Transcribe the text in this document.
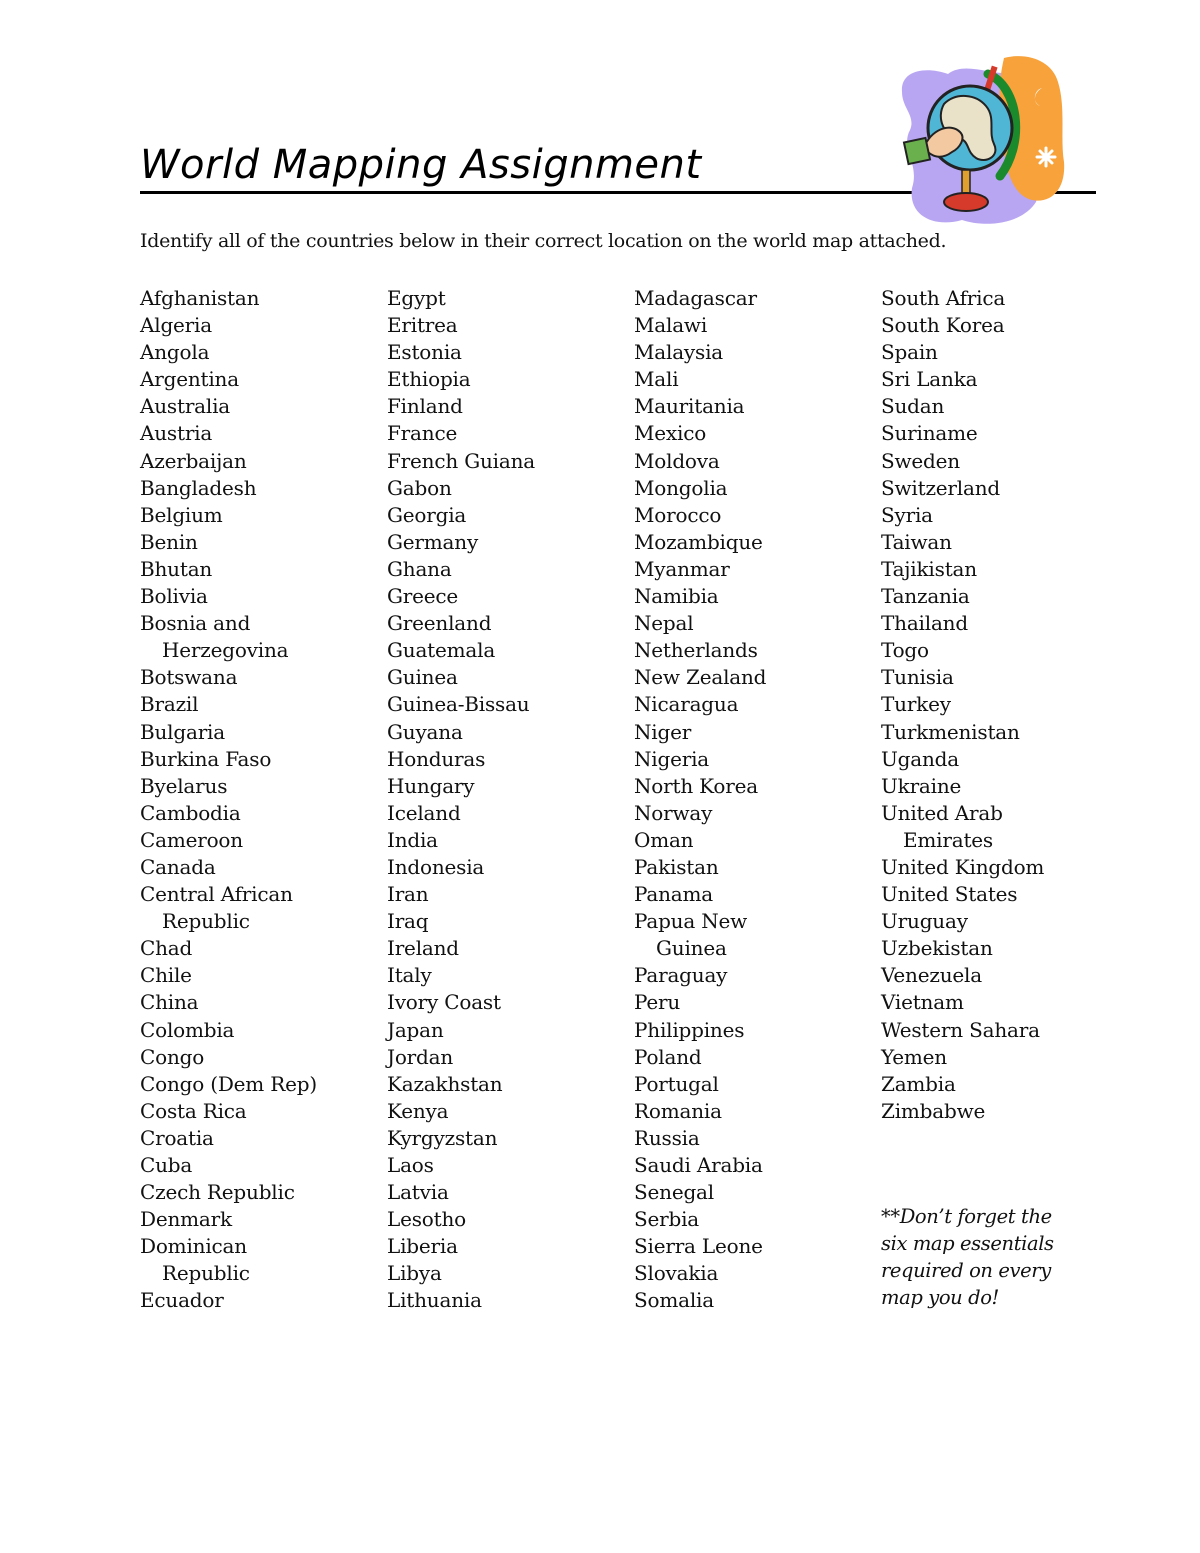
World Mapping Assignment

Identify all of the countries below in their correct location on the world map attached.

Afghanistan
Algeria
Angola
Argentina
Australia
Austria
Azerbaijan
Bangladesh
Belgium
Benin
Bhutan
Bolivia
Bosnia and
Herzegovina
Botswana
Brazil
Bulgaria
Burkina Faso
Byelarus
Cambodia
Cameroon
Canada
Central African
Republic
Chad
Chile
China
Colombia
Congo
Congo (Dem Rep)
Costa Rica
Croatia
Cuba
Czech Republic
Denmark
Dominican
Republic
Ecuador
Egypt
Eritrea
Estonia
Ethiopia
Finland
France
French Guiana
Gabon
Georgia
Germany
Ghana
Greece
Greenland
Guatemala
Guinea
Guinea-Bissau
Guyana
Honduras
Hungary
Iceland
India
Indonesia
Iran
Iraq
Ireland
Italy
Ivory Coast
Japan
Jordan
Kazakhstan
Kenya
Kyrgyzstan
Laos
Latvia
Lesotho
Liberia
Libya
Lithuania
Madagascar
Malawi
Malaysia
Mali
Mauritania
Mexico
Moldova
Mongolia
Morocco
Mozambique
Myanmar
Namibia
Nepal
Netherlands
New Zealand
Nicaragua
Niger
Nigeria
North Korea
Norway
Oman
Pakistan
Panama
Papua New
Guinea
Paraguay
Peru
Philippines
Poland
Portugal
Romania
Russia
Saudi Arabia
Senegal
Serbia
Sierra Leone
Slovakia
Somalia
South Africa
South Korea
Spain
Sri Lanka
Sudan
Suriname
Sweden
Switzerland
Syria
Taiwan
Tajikistan
Tanzania
Thailand
Togo
Tunisia
Turkey
Turkmenistan
Uganda
Ukraine
United Arab
Emirates
United Kingdom
United States
Uruguay
Uzbekistan
Venezuela
Vietnam
Western Sahara
Yemen
Zambia
Zimbabwe

**Don’t forget the six map essentials required on every map you do!
